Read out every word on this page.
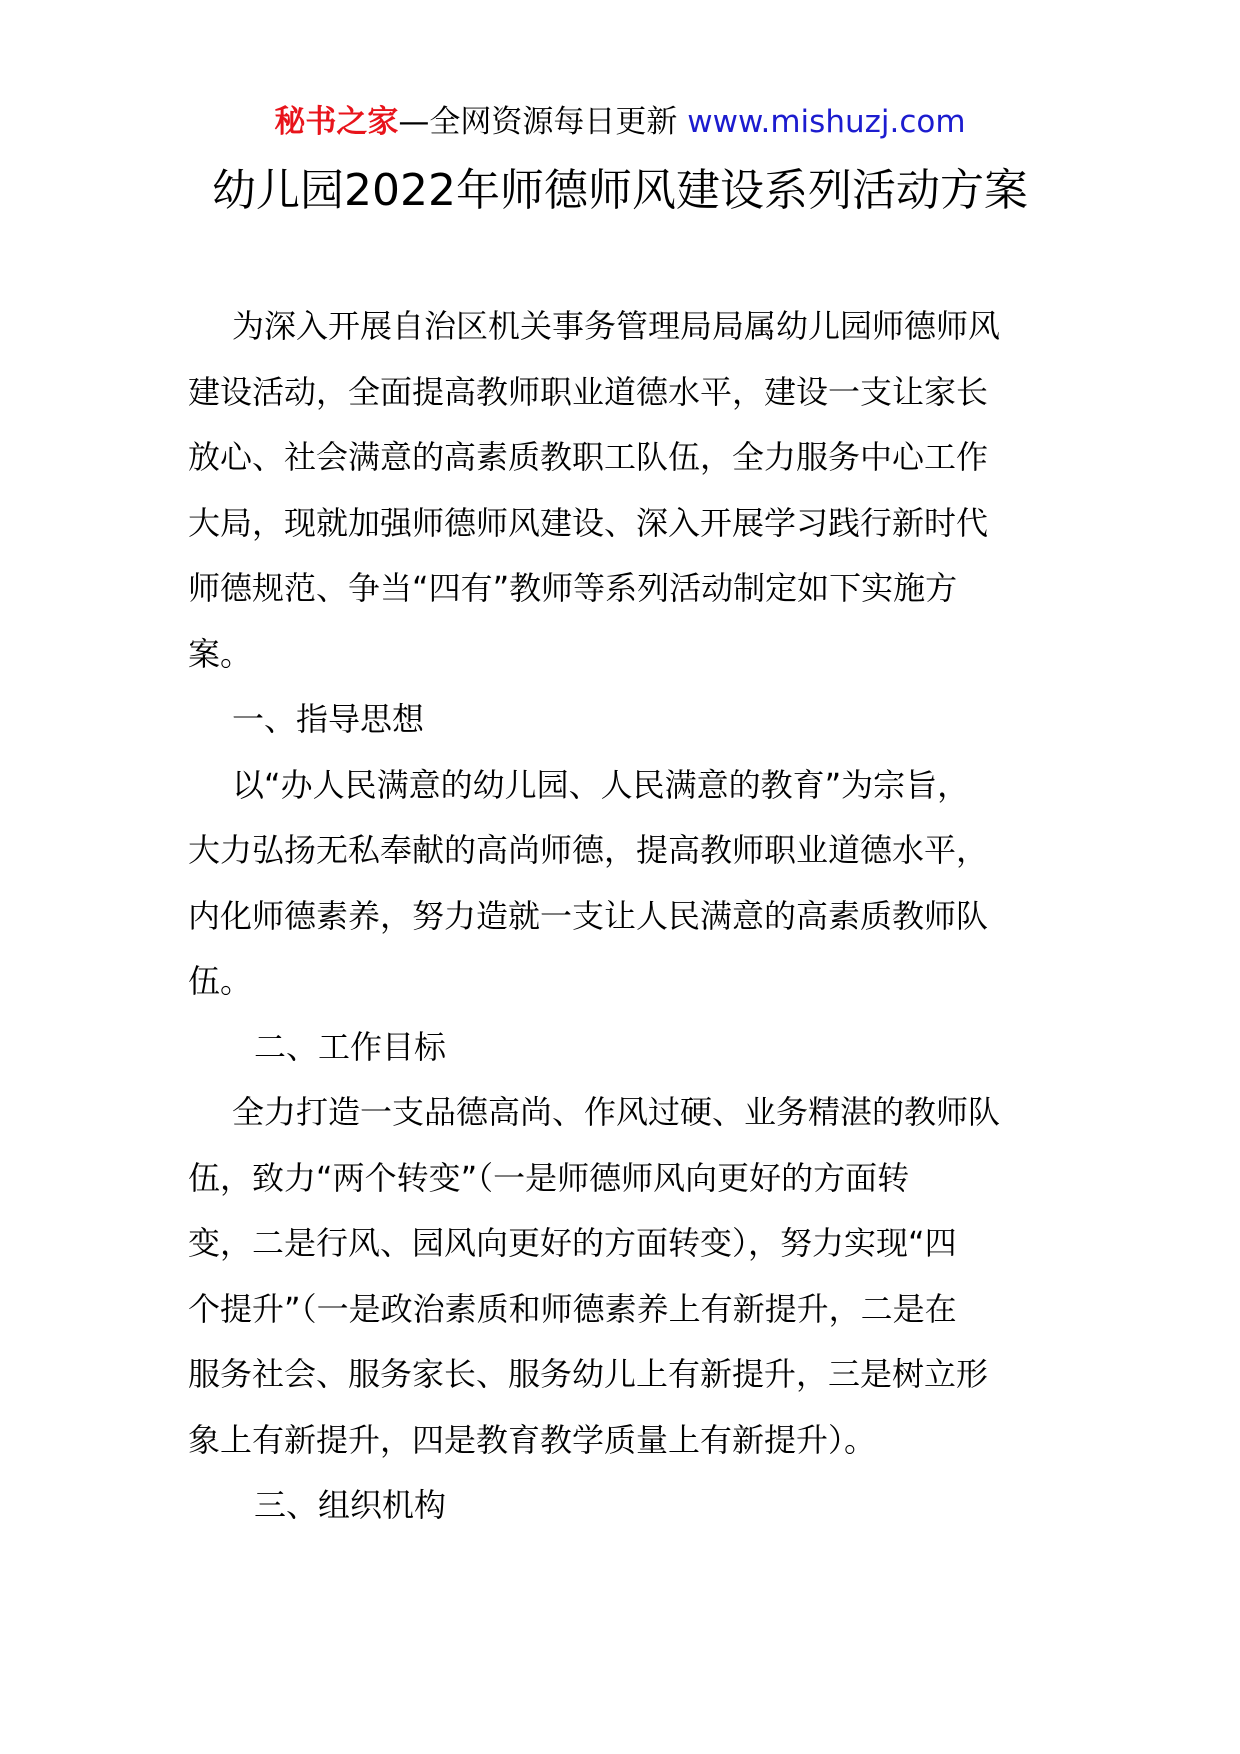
秘书之家—全网资源每日更新 www.mishuzj.com
幼儿园2022年师德师风建设系列活动方案

为深入开展自治区机关事务管理局局属幼儿园师德师风
建设活动，全面提高教师职业道德水平，建设一支让家长
放心、社会满意的高素质教职工队伍，全力服务中心工作
大局，现就加强师德师风建设、深入开展学习践行新时代
师德规范、争当“四有”教师等系列活动制定如下实施方
案。

一、指导思想

以“办人民满意的幼儿园、人民满意的教育”为宗旨，
大力弘扬无私奉献的高尚师德，提高教师职业道德水平，
内化师德素养，努力造就一支让人民满意的高素质教师队
伍。

二、工作目标

全力打造一支品德高尚、作风过硬、业务精湛的教师队
伍，致力“两个转变”（一是师德师风向更好的方面转
变，二是行风、园风向更好的方面转变），努力实现“四
个提升”（一是政治素质和师德素养上有新提升，二是在
服务社会、服务家长、服务幼儿上有新提升，三是树立形
象上有新提升，四是教育教学质量上有新提升）。

三、组织机构
